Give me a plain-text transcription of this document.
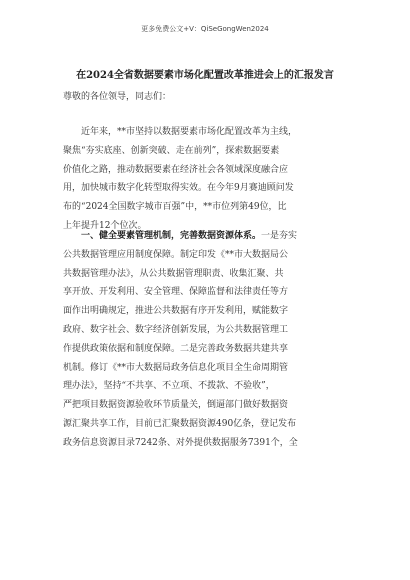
更多免费公文+V：QiSeGongWen2024
在2024全省数据要素市场化配置改革推进会上的汇报发言
尊敬的各位领导，同志们：
近年来，**市坚持以数据要素市场化配置改革为主线，
聚焦“夯实底座、创新突破、走在前列”，探索数据要素
价值化之路，推动数据要素在经济社会各领域深度融合应
用，加快城市数字化转型取得实效。在今年9月赛迪顾问发
布的“2024全国数字城市百强”中，**市位列第49位，比
上年提升12个位次。
一、健全要素管理机制，完善数据资源体系。一是夯实
公共数据管理应用制度保障。制定印发《**市大数据局公
共数据管理办法》，从公共数据管理职责、收集汇聚、共
享开放、开发利用、安全管理、保障监督和法律责任等方
面作出明确规定，推进公共数据有序开发利用，赋能数字
政府、数字社会、数字经济创新发展，为公共数据管理工
作提供政策依据和制度保障。二是完善政务数据共建共享
机制。修订《**市大数据局政务信息化项目全生命周期管
理办法》，坚持“不共享、不立项、不拨款、不验收”，
严把项目数据资源验收环节质量关，倒逼部门做好数据资
源汇聚共享工作，目前已汇聚数据资源490亿条，登记发布
政务信息资源目录7242条、对外提供数据服务7391个，全
